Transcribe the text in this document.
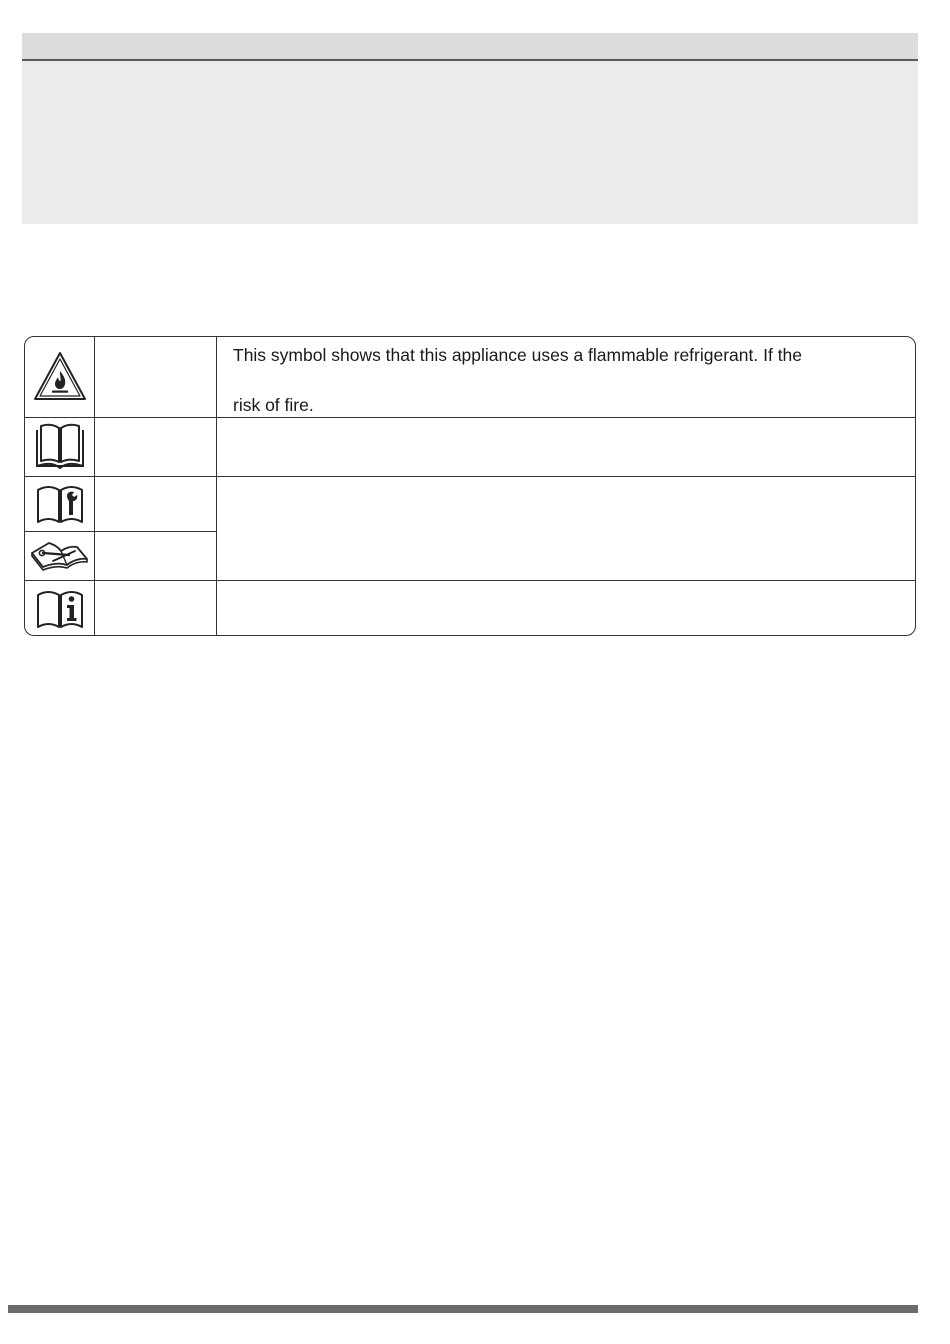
This symbol shows that this appliance uses a flammable refrigerant. If the
risk of fire.
